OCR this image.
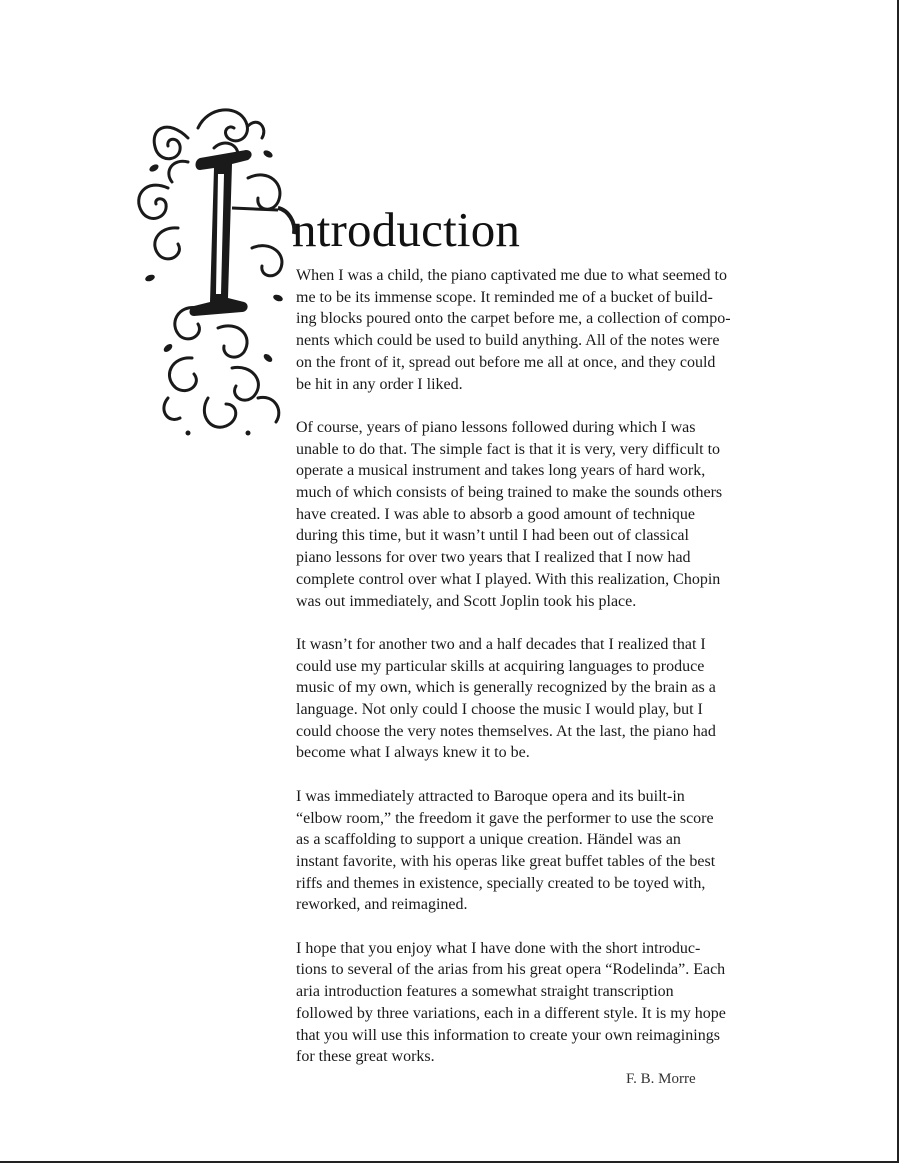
ntroduction

When I was a child, the piano captivated me due to what seemed to
me to be its immense scope. It reminded me of a bucket of build-
ing blocks poured onto the carpet before me, a collection of compo-
nents which could be used to build anything. All of the notes were
on the front of it, spread out before me all at once, and they could
be hit in any order I liked.

Of course, years of piano lessons followed during which I was
unable to do that. The simple fact is that it is very, very difficult to
operate a musical instrument and takes long years of hard work,
much of which consists of being trained to make the sounds others
have created. I was able to absorb a good amount of technique
during this time, but it wasn’t until I had been out of classical
piano lessons for over two years that I realized that I now had
complete control over what I played. With this realization, Chopin
was out immediately, and Scott Joplin took his place.

It wasn’t for another two and a half decades that I realized that I
could use my particular skills at acquiring languages to produce
music of my own, which is generally recognized by the brain as a
language. Not only could I choose the music I would play, but I
could choose the very notes themselves. At the last, the piano had
become what I always knew it to be.

I was immediately attracted to Baroque opera and its built-in
“elbow room,” the freedom it gave the performer to use the score
as a scaffolding to support a unique creation. Händel was an
instant favorite, with his operas like great buffet tables of the best
riffs and themes in existence, specially created to be toyed with,
reworked, and reimagined.

I hope that you enjoy what I have done with the short introduc-
tions to several of the arias from his great opera “Rodelinda”. Each
aria introduction features a somewhat straight transcription
followed by three variations, each in a different style. It is my hope
that you will use this information to create your own reimaginings
for these great works.

F. B. Morre
